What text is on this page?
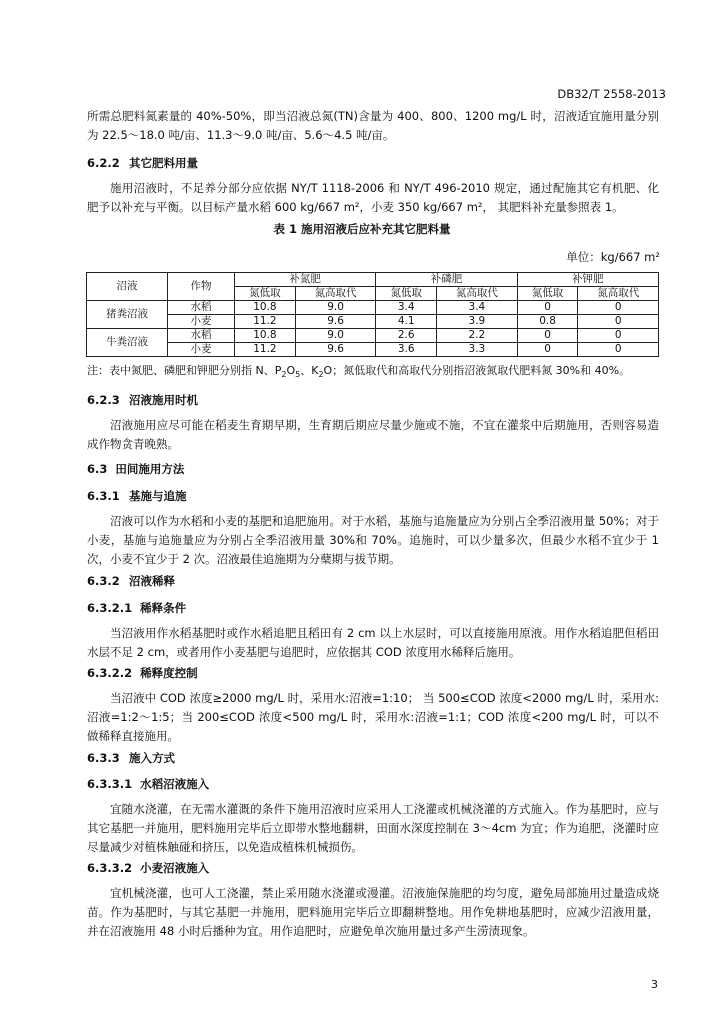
DB32/T 2558-2013
所需总肥料氮素量的 40%-50%，即当沼液总氮(TN)含量为 400、800、1200 mg/L 时，沼液适宜施用量分别为 22.5～18.0 吨/亩、11.3～9.0 吨/亩、5.6～4.5 吨/亩。
6.2.2 其它肥料用量
施用沼液时，不足养分部分应依据 NY/T 1118-2006 和 NY/T 496-2010 规定，通过配施其它有机肥、化肥予以补充与平衡。以目标产量水稻 600 kg/667 m²，小麦 350 kg/667 m²， 其肥料补充量参照表 1。
表 1 施用沼液后应补充其它肥料量
单位：kg/667 m²
沼液	作物	补氮肥		补磷肥		补钾肥	
		氮低取	氮高取代	氮低取	氮高取代	氮低取	氮高取代
猪粪沼液	水稻	10.8	9.0	3.4	3.4	0	0
	小麦	11.2	9.6	4.1	3.9	0.8	0
牛粪沼液	水稻	10.8	9.0	2.6	2.2	0	0
	小麦	11.2	9.6	3.6	3.3	0	0
注：表中氮肥、磷肥和钾肥分别指 N、$P_2O_5$、$K_2O$；氮低取代和高取代分别指沼液氮取代肥料氮 30%和 40%。
6.2.3 沼液施用时机
沼液施用应尽可能在稻麦生育期早期，生育期后期应尽量少施或不施，不宜在灌浆中后期施用，否则容易造成作物贪青晚熟。
6.3 田间施用方法
6.3.1 基施与追施
沼液可以作为水稻和小麦的基肥和追肥施用。对于水稻，基施与追施量应为分别占全季沼液用量 50%；对于小麦，基施与追施量应为分别占全季沼液用量 30%和 70%。追施时，可以少量多次，但最少水稻不宜少于 1 次，小麦不宜少于 2 次。沼液最佳追施期为分蘖期与拔节期。
6.3.2 沼液稀释
6.3.2.1 稀释条件
当沼液用作水稻基肥时或作水稻追肥且稻田有 2 cm 以上水层时，可以直接施用原液。用作水稻追肥但稻田水层不足 2 cm，或者用作小麦基肥与追肥时，应依据其 COD 浓度用水稀释后施用。
6.3.2.2 稀释度控制
当沼液中 COD 浓度≥2000 mg/L 时，采用水:沼液=1:10； 当 500≤COD 浓度<2000 mg/L 时，采用水:沼液=1:2～1:5；当 200≤COD 浓度<500 mg/L 时，采用水:沼液=1:1；COD 浓度<200 mg/L 时，可以不做稀释直接施用。
6.3.3 施入方式
6.3.3.1 水稻沼液施入
宜随水浇灌，在无需水灌溉的条件下施用沼液时应采用人工浇灌或机械浇灌的方式施入。作为基肥时，应与其它基肥一并施用，肥料施用完毕后立即带水整地翻耕，田面水深度控制在 3～4cm 为宜；作为追肥，浇灌时应尽量减少对植株触碰和挤压，以免造成植株机械损伤。
6.3.3.2 小麦沼液施入
宜机械浇灌，也可人工浇灌，禁止采用随水浇灌或漫灌。沼液施保施肥的均匀度，避免局部施用过量造成烧苗。作为基肥时，与其它基肥一并施用，肥料施用完毕后立即翻耕整地。用作免耕地基肥时，应减少沼液用量，并在沼液施用 48 小时后播种为宜。用作追肥时，应避免单次施用量过多产生涝渍现象。
3
